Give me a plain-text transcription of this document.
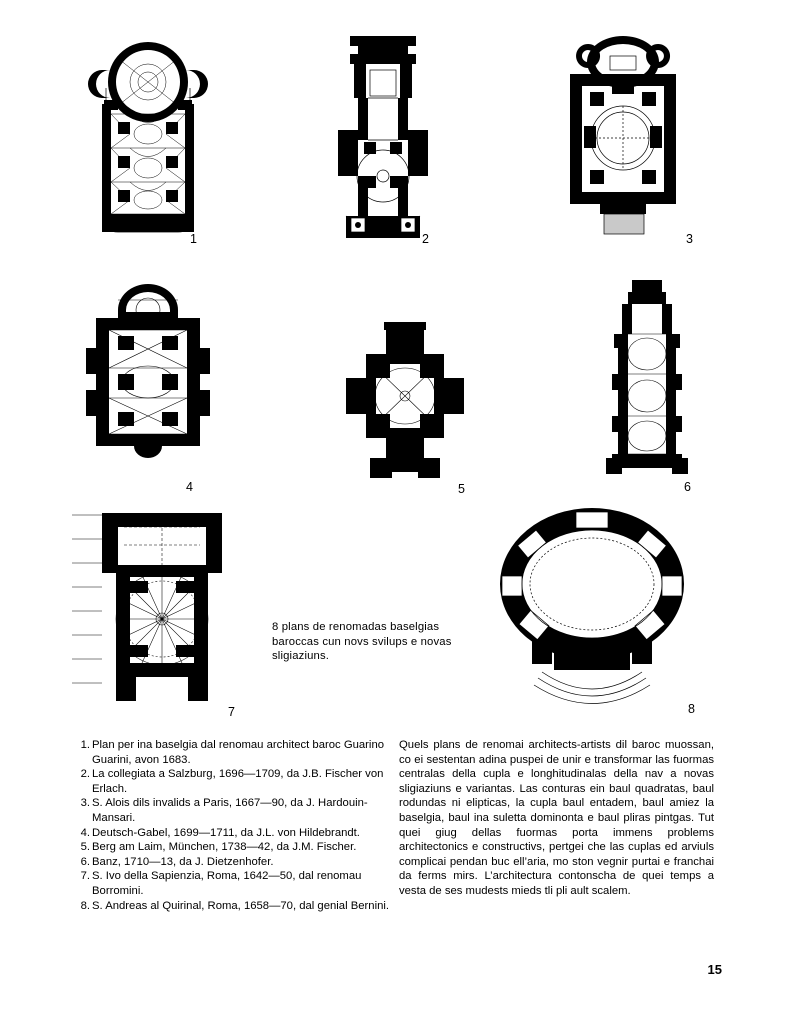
1	2	3
4	5	6
7	8
8 plans de renomadas baselgias baroccas cun novs svilups e novas sligiaziuns.
1. Plan per ina baselgia dal renomau architect baroc Guarino Guarini, avon 1683.
2. La collegiata a Salzburg, 1696—1709, da J.B. Fischer von Erlach.
3. S. Alois dils invalids a Paris, 1667—90, da J. Hardouin-Mansari.
4. Deutsch-Gabel, 1699—1711, da J.L. von Hildebrandt.
5. Berg am Laim, München, 1738—42, da J.M. Fischer.
6. Banz, 1710—13, da J. Dietzenhofer.
7. S. Ivo della Sapienzia, Roma, 1642—50, dal renomau Borromini.
8. S. Andreas al Quirinal, Roma, 1658—70, dal genial Bernini.
Quels plans de renomai architects-artists dil baroc muossan, co ei sestentan adina puspei de unir e transformar las fuormas centralas della cupla e longhitudinalas della nav a novas sligiaziuns e variantas. Las conturas ein baul quadratas, baul rodundas ni elipticas, la cupla baul entadem, baul amiez la baselgia, baul ina suletta dominonta e baul pliras pintgas. Tut quei giug dellas fuormas porta immens problems architectonics e constructivs, pertgei che las cuplas ed arviuls complicai pendan buc ell’aria, mo ston vegnir purtai e franchai da ferms mirs. L’architectura contonscha de quei temps a vesta de ses mudests mieds tli pli ault scalem.
15
